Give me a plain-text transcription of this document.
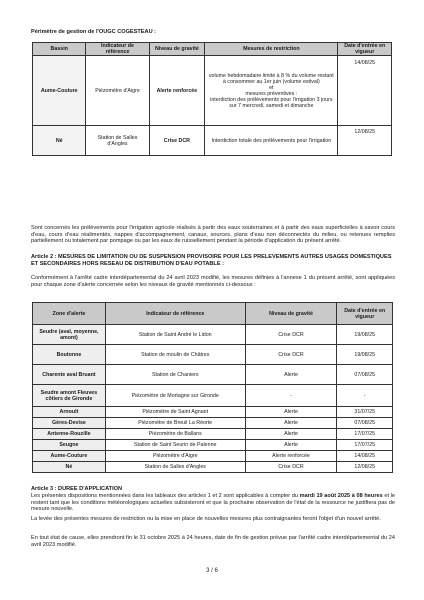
Périmètre de gestion de l'OUGC COGESTEAU :
Bassin	Indicateur de référence	Niveau de gravité	Mesures de restriction	Date d'entrée en vigueur
Aume-Couture	Piézomètre d'Aigre	Alerte renforcée	volume hebdomadaire limité à 8 % du volume restant à consommer au 1er juin (volume estival)
et
mesures préventives :
interdiction des prélèvements pour l'irrigation 3 jours sur 7 mercredi, samedi et dimanche	14/08/25
Né	Station de Salles d'Angles	Crise DCR	Interdiction totale des prélèvements pour l'irrigation	12/08/25
Sont concernés les prélèvements pour l'irrigation agricole réalisés à partir des eaux souterraines et à partir des eaux superficielles à savoir cours d'eau, cours d'eau réalimentés, nappes d'accompagnement, canaux, sources, plans d'eau non déconnectés du milieu, ou retenues remplies partiellement ou totalement par pompage ou par les eaux de ruissellement pendant la période d'application du présent arrêté.
Article 2 : MESURES DE LIMITATION OU DE SUSPENSION PROVISOIRE POUR LES PRELEVEMENTS AUTRES USAGES DOMESTIQUES ET SECONDAIRES HORS RESEAU DE DISTRIBUTION D'EAU POTABLE :
Conformément à l'arrêté cadre interdépartemental du 24 avril 2023 modifié, les mesures définies à l'annexe 1 du présent arrêté, sont appliquées pour chaque zone d'alerte concernée selon les niveaux de gravité mentionnés ci-dessous :
Zone d'alerte	Indicateur de référence	Niveau de gravité	Date d'entrée en vigueur
Seudre (aval, moyenne, amont)	Station de Saint André le Lidon	Crise DCR	19/08/25
Boutonne	Station de moulin de Châtres	Crise DCR	19/08/25
Charente aval Bruant	Station de Chaniers	Alerte	07/08/25
Seudre amont Fleuves côtiers de Gironde	Piézomètre de Mortagne sur Gironde	-	-
Arnoult	Piézomètre de Saint Agnant	Alerte	31/07/25
Gères-Devise	Piézomètre de Breuil La Réorte	Alerte	07/08/25
Antenne-Rouzille	Piézomètre de Ballans	Alerte	17/07/25
Seugne	Station de Saint Seurin de Palenne	Alerte	17/07/25
Aume-Couture	Piézomètre d'Aigre	Alerte renforcée	14/08/25
Né	Station de Salles d'Angles	Crise DCR	12/08/25
Article 3 : DUREE D'APPLICATION
Les présentes dispositions mentionnées dans les tableaux des articles 1 et 2 sont applicables à compter du mardi 19 août 2025 à 08 heures et le restent tant que les conditions météorologiques actuelles subsisteront et que la prochaine observation de l'état de la ressource ne justifiera pas de mesure nouvelle.
La levée des présentes mesures de restriction ou la mise en place de nouvelles mesures plus contraignantes feront l'objet d'un nouvel arrêté.
En tout état de cause, elles prendront fin le 31 octobre 2025 à 24 heures, date de fin de gestion prévue par l'arrêté cadre interdépartemental du 24 avril 2023 modifié.
3 / 6
